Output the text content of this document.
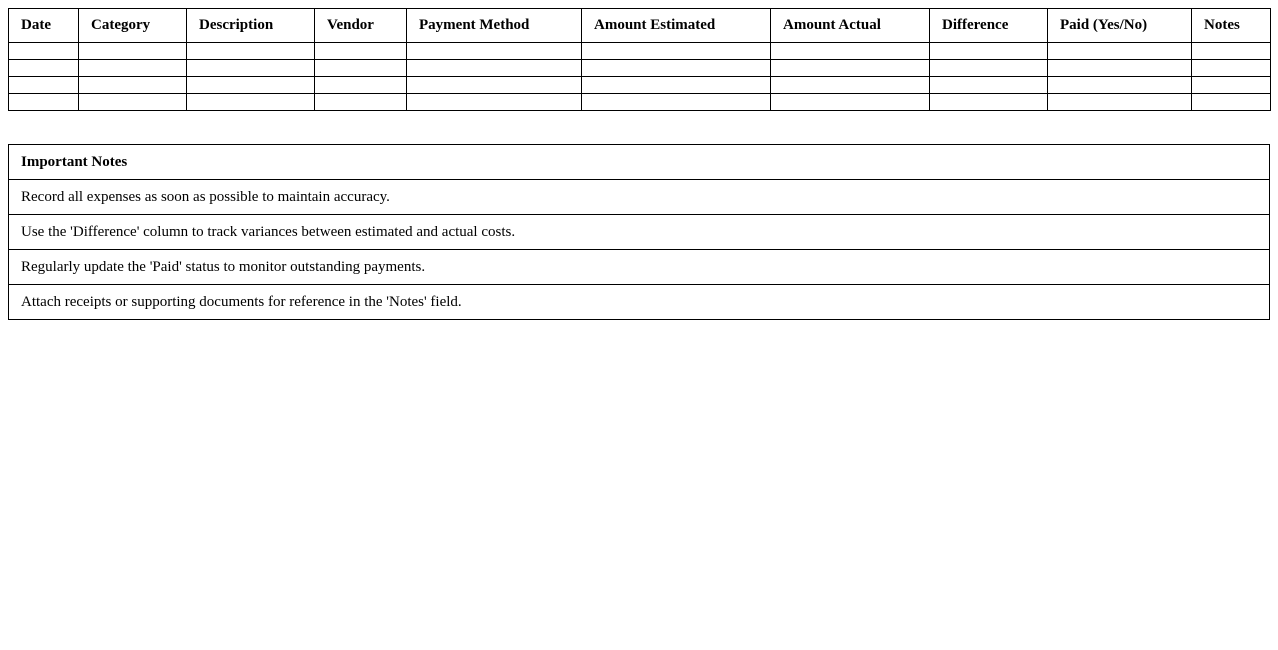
Date	Category	Description	Vendor	Payment Method	Amount Estimated	Amount Actual	Difference	Paid (Yes/No)	Notes

Important Notes
Record all expenses as soon as possible to maintain accuracy.
Use the 'Difference' column to track variances between estimated and actual costs.
Regularly update the 'Paid' status to monitor outstanding payments.
Attach receipts or supporting documents for reference in the 'Notes' field.
